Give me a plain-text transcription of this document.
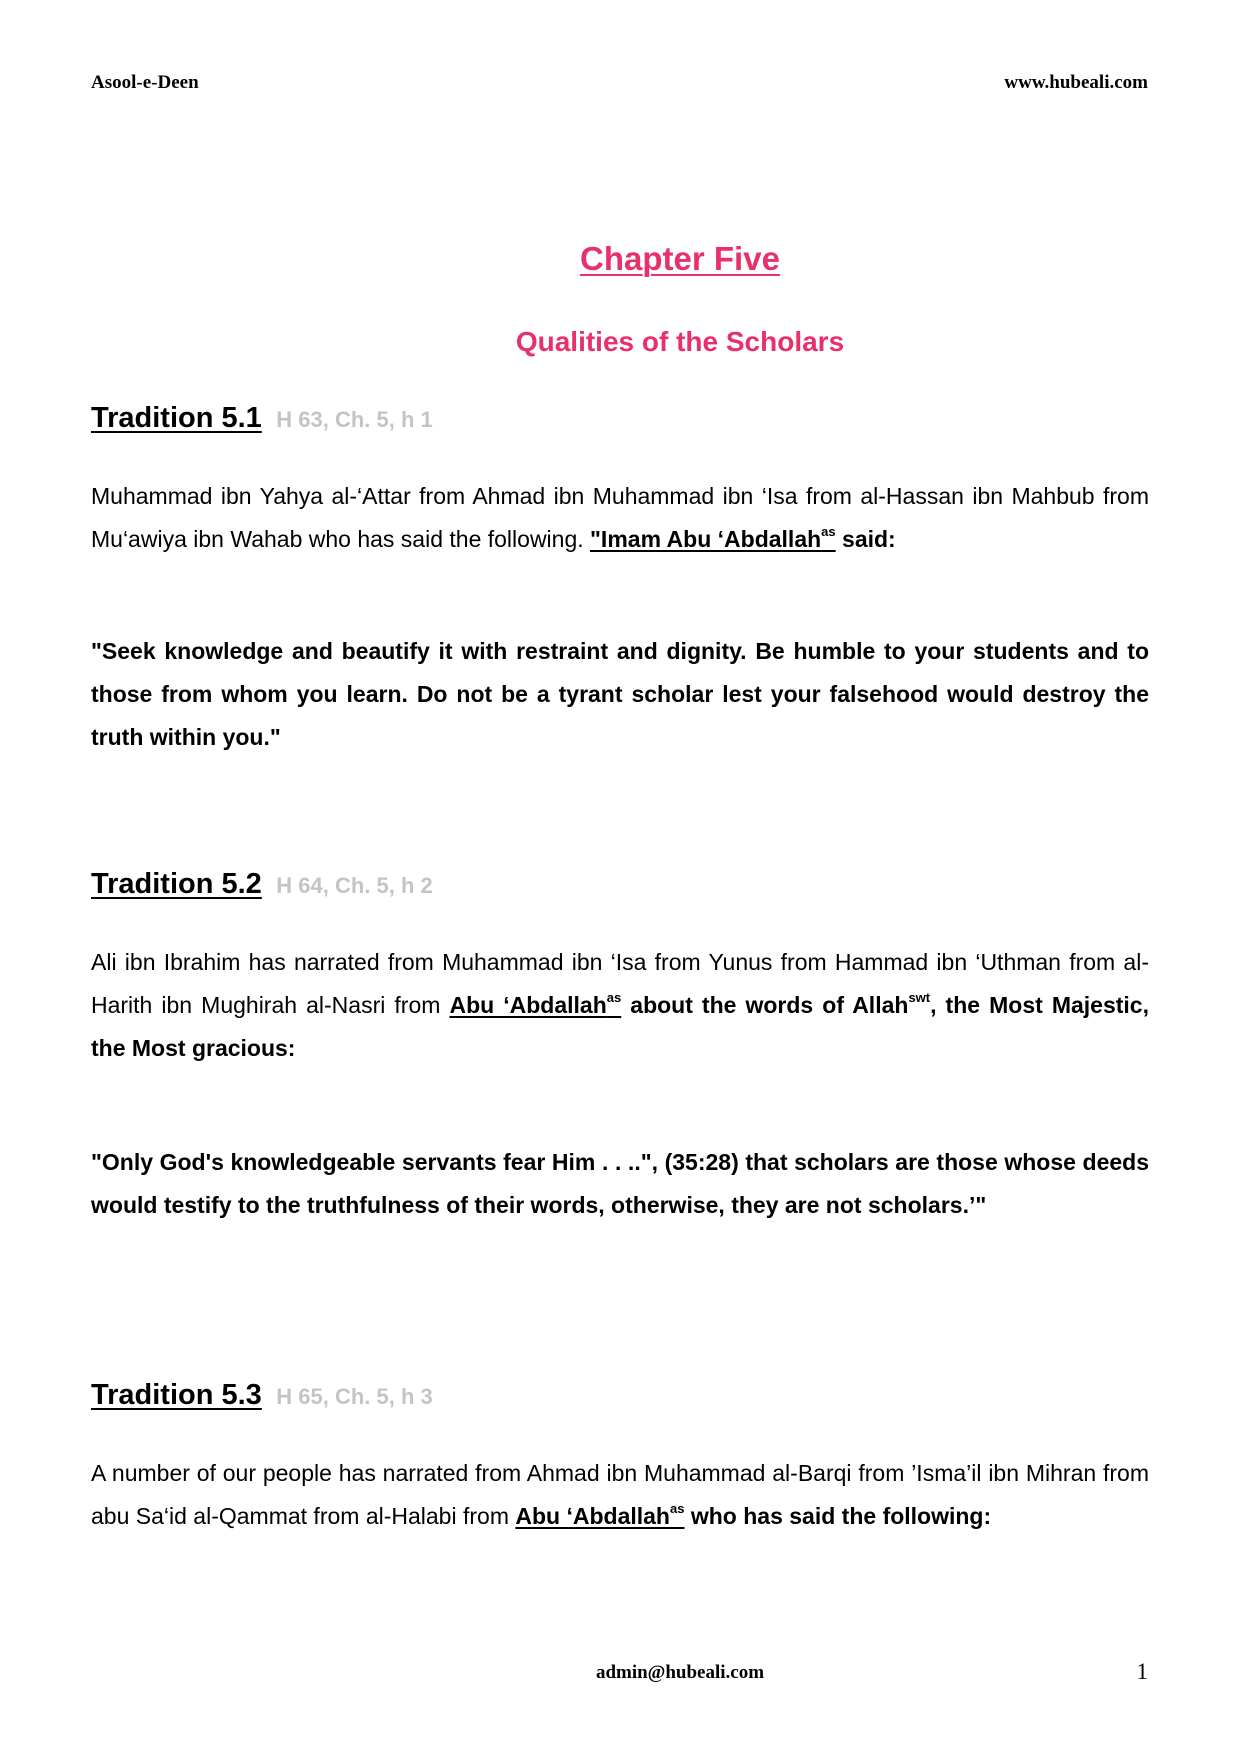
Asool-e-Deen	www.hubeali.com
Chapter Five
Qualities of the Scholars
Tradition 5.1 H 63, Ch. 5, h 1
Muhammad ibn Yahya al-‘Attar from Ahmad ibn Muhammad ibn ‘Isa from al-Hassan ibn Mahbub from Mu‘awiya ibn Wahab who has said the following. "Imam Abu ‘Abdallah$^{as}$ said:
"Seek knowledge and beautify it with restraint and dignity. Be humble to your students and to those from whom you learn. Do not be a tyrant scholar lest your falsehood would destroy the truth within you."
Tradition 5.2 H 64, Ch. 5, h 2
Ali ibn Ibrahim has narrated from Muhammad ibn ‘Isa from Yunus from Hammad ibn ‘Uthman from al-Harith ibn Mughirah al-Nasri from Abu ‘Abdallah$^{as}$ about the words of Allah$^{swt}$, the Most Majestic, the Most gracious:
"Only God's knowledgeable servants fear Him . . ..", (35:28) that scholars are those whose deeds would testify to the truthfulness of their words, otherwise, they are not scholars.’"
Tradition 5.3 H 65, Ch. 5, h 3
A number of our people has narrated from Ahmad ibn Muhammad al-Barqi from ’Isma’il ibn Mihran from abu Sa‘id al-Qammat from al-Halabi from Abu ‘Abdallah$^{as}$ who has said the following:
admin@hubeali.com	1
